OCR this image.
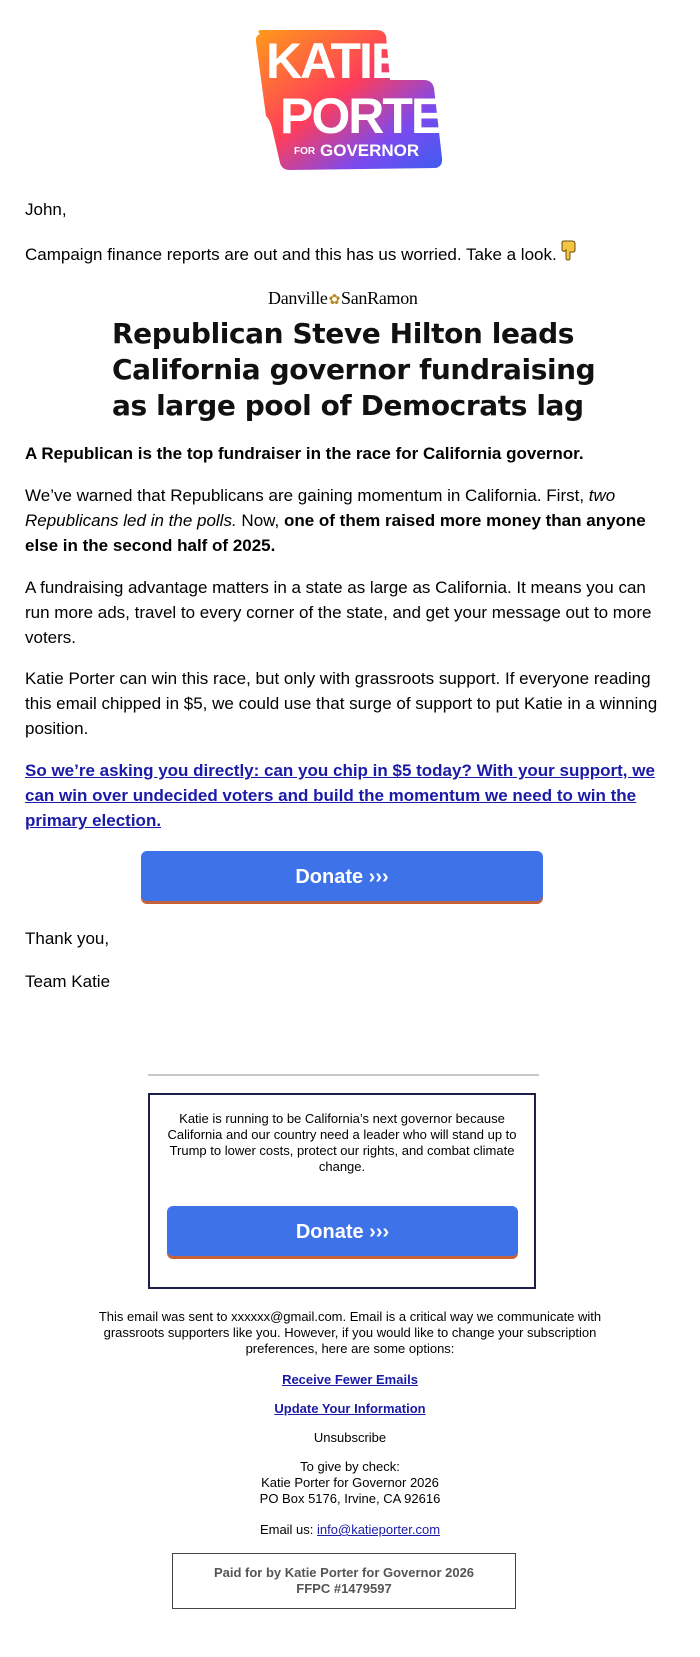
KATIE
PORTER
FOR GOVERNOR

John,

Campaign finance reports are out and this has us worried. Take a look.

Danville✿SanRamon
Republican Steve Hilton leads California governor fundraising as large pool of Democrats lag

A Republican is the top fundraiser in the race for California governor.

We’ve warned that Republicans are gaining momentum in California. First, two Republicans led in the polls. Now, one of them raised more money than anyone else in the second half of 2025.

A fundraising advantage matters in a state as large as California. It means you can run more ads, travel to every corner of the state, and get your message out to more voters.

Katie Porter can win this race, but only with grassroots support. If everyone reading this email chipped in $5, we could use that surge of support to put Katie in a winning position.

So we’re asking you directly: can you chip in $5 today? With your support, we can win over undecided voters and build the momentum we need to win the primary election.

Donate ›››

Thank you,

Team Katie

Katie is running to be California’s next governor because California and our country need a leader who will stand up to Trump to lower costs, protect our rights, and combat climate change.
Donate ›››
This email was sent to xxxxxx@gmail.com. Email is a critical way we communicate with grassroots supporters like you. However, if you would like to change your subscription preferences, here are some options:
Receive Fewer Emails
Update Your Information
Unsubscribe
To give by check:
Katie Porter for Governor 2026
PO Box 5176, Irvine, CA 92616
Email us: info@katieporter.com
Paid for by Katie Porter for Governor 2026
FFPC #1479597
